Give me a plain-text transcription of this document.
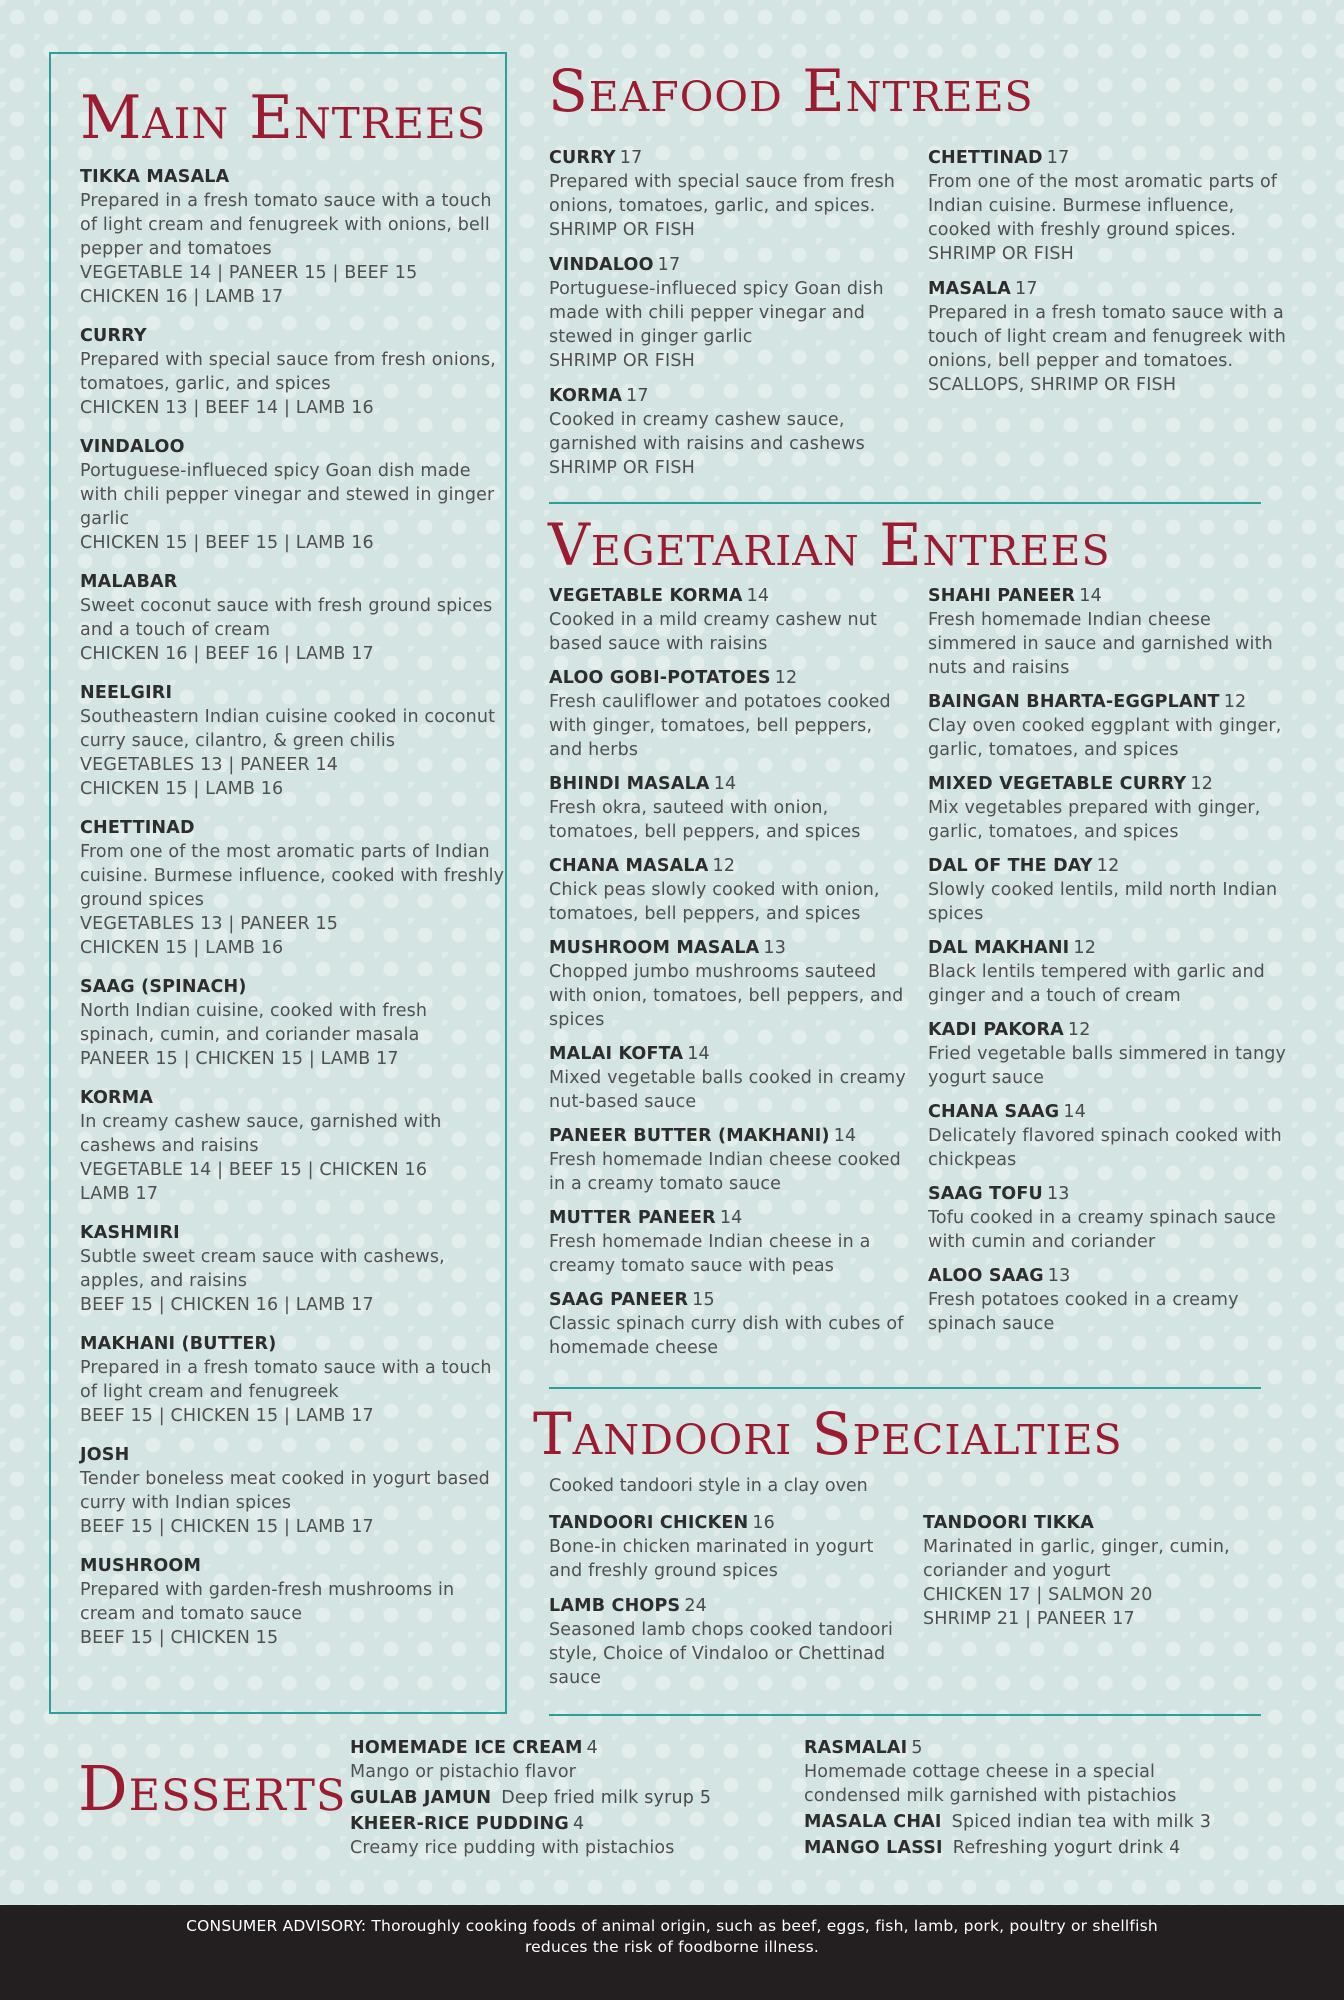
Main Entrees
TIKKA MASALA
Prepared in a fresh tomato sauce with a touch of light cream and fenugreek with onions, bell pepper and tomatoes
VEGETABLE 14 | PANEER 15 | BEEF 15
CHICKEN 16 | LAMB 17
CURRY
Prepared with special sauce from fresh onions, tomatoes, garlic, and spices
CHICKEN 13 | BEEF 14 | LAMB 16
VINDALOO
Portuguese-influeced spicy Goan dish made with chili pepper vinegar and stewed in ginger garlic
CHICKEN 15 | BEEF 15 | LAMB 16
MALABAR
Sweet coconut sauce with fresh ground spices and a touch of cream
CHICKEN 16 | BEEF 16 | LAMB 17
NEELGIRI
Southeastern Indian cuisine cooked in coconut curry sauce, cilantro, & green chilis
VEGETABLES 13 | PANEER 14
CHICKEN 15 | LAMB 16
CHETTINAD
From one of the most aromatic parts of Indian cuisine. Burmese influence, cooked with freshly ground spices
VEGETABLES 13 | PANEER 15
CHICKEN 15 | LAMB 16
SAAG (SPINACH)
North Indian cuisine, cooked with fresh spinach, cumin, and coriander masala
PANEER 15 | CHICKEN 15 | LAMB 17
KORMA
In creamy cashew sauce, garnished with cashews and raisins
VEGETABLE 14 | BEEF 15 | CHICKEN 16
LAMB 17
KASHMIRI
Subtle sweet cream sauce with cashews, apples, and raisins
BEEF 15 | CHICKEN 16 | LAMB 17
MAKHANI (BUTTER)
Prepared in a fresh tomato sauce with a touch of light cream and fenugreek
BEEF 15 | CHICKEN 15 | LAMB 17
JOSH
Tender boneless meat cooked in yogurt based curry with Indian spices
BEEF 15 | CHICKEN 15 | LAMB 17
MUSHROOM
Prepared with garden-fresh mushrooms in cream and tomato sauce
BEEF 15 | CHICKEN 15
Seafood Entrees
CURRY 17
Prepared with special sauce from fresh onions, tomatoes, garlic, and spices. SHRIMP OR FISH
VINDALOO 17
Portuguese-influeced spicy Goan dish made with chili pepper vinegar and stewed in ginger garlic
SHRIMP OR FISH
KORMA 17
Cooked in creamy cashew sauce, garnished with raisins and cashews
SHRIMP OR FISH
CHETTINAD 17
From one of the most aromatic parts of Indian cuisine. Burmese influence, cooked with freshly ground spices. SHRIMP OR FISH
MASALA 17
Prepared in a fresh tomato sauce with a touch of light cream and fenugreek with onions, bell pepper and tomatoes.
SCALLOPS, SHRIMP OR FISH
Vegetarian Entrees
VEGETABLE KORMA 14
Cooked in a mild creamy cashew nut based sauce with raisins
ALOO GOBI-POTATOES 12
Fresh cauliflower and potatoes cooked with ginger, tomatoes, bell peppers, and herbs
BHINDI MASALA 14
Fresh okra, sauteed with onion, tomatoes, bell peppers, and spices
CHANA MASALA 12
Chick peas slowly cooked with onion, tomatoes, bell peppers, and spices
MUSHROOM MASALA 13
Chopped jumbo mushrooms sauteed with onion, tomatoes, bell peppers, and spices
MALAI KOFTA 14
Mixed vegetable balls cooked in creamy nut-based sauce
PANEER BUTTER (MAKHANI) 14
Fresh homemade Indian cheese cooked in a creamy tomato sauce
MUTTER PANEER 14
Fresh homemade Indian cheese in a creamy tomato sauce with peas
SAAG PANEER 15
Classic spinach curry dish with cubes of homemade cheese
SHAHI PANEER 14
Fresh homemade Indian cheese simmered in sauce and garnished with nuts and raisins
BAINGAN BHARTA-EGGPLANT 12
Clay oven cooked eggplant with ginger, garlic, tomatoes, and spices
MIXED VEGETABLE CURRY 12
Mix vegetables prepared with ginger, garlic, tomatoes, and spices
DAL OF THE DAY 12
Slowly cooked lentils, mild north Indian spices
DAL MAKHANI 12
Black lentils tempered with garlic and ginger and a touch of cream
KADI PAKORA 12
Fried vegetable balls simmered in tangy yogurt sauce
CHANA SAAG 14
Delicately flavored spinach cooked with chickpeas
SAAG TOFU 13
Tofu cooked in a creamy spinach sauce with cumin and coriander
ALOO SAAG 13
Fresh potatoes cooked in a creamy spinach sauce
Tandoori Specialties
Cooked tandoori style in a clay oven
TANDOORI CHICKEN 16
Bone-in chicken marinated in yogurt and freshly ground spices
LAMB CHOPS 24
Seasoned lamb chops cooked tandoori style, Choice of Vindaloo or Chettinad sauce
TANDOORI TIKKA
Marinated in garlic, ginger, cumin, coriander and yogurt
CHICKEN 17 | SALMON 20
SHRIMP 21 | PANEER 17
Desserts
HOMEMADE ICE CREAM 4
Mango or pistachio flavor
GULAB JAMUN Deep fried milk syrup 5
KHEER-RICE PUDDING 4
Creamy rice pudding with pistachios
RASMALAI 5
Homemade cottage cheese in a special condensed milk garnished with pistachios
MASALA CHAI Spiced indian tea with milk 3
MANGO LASSI Refreshing yogurt drink 4
CONSUMER ADVISORY: Thoroughly cooking foods of animal origin, such as beef, eggs, fish, lamb, pork, poultry or shellfish
reduces the risk of foodborne illness.
